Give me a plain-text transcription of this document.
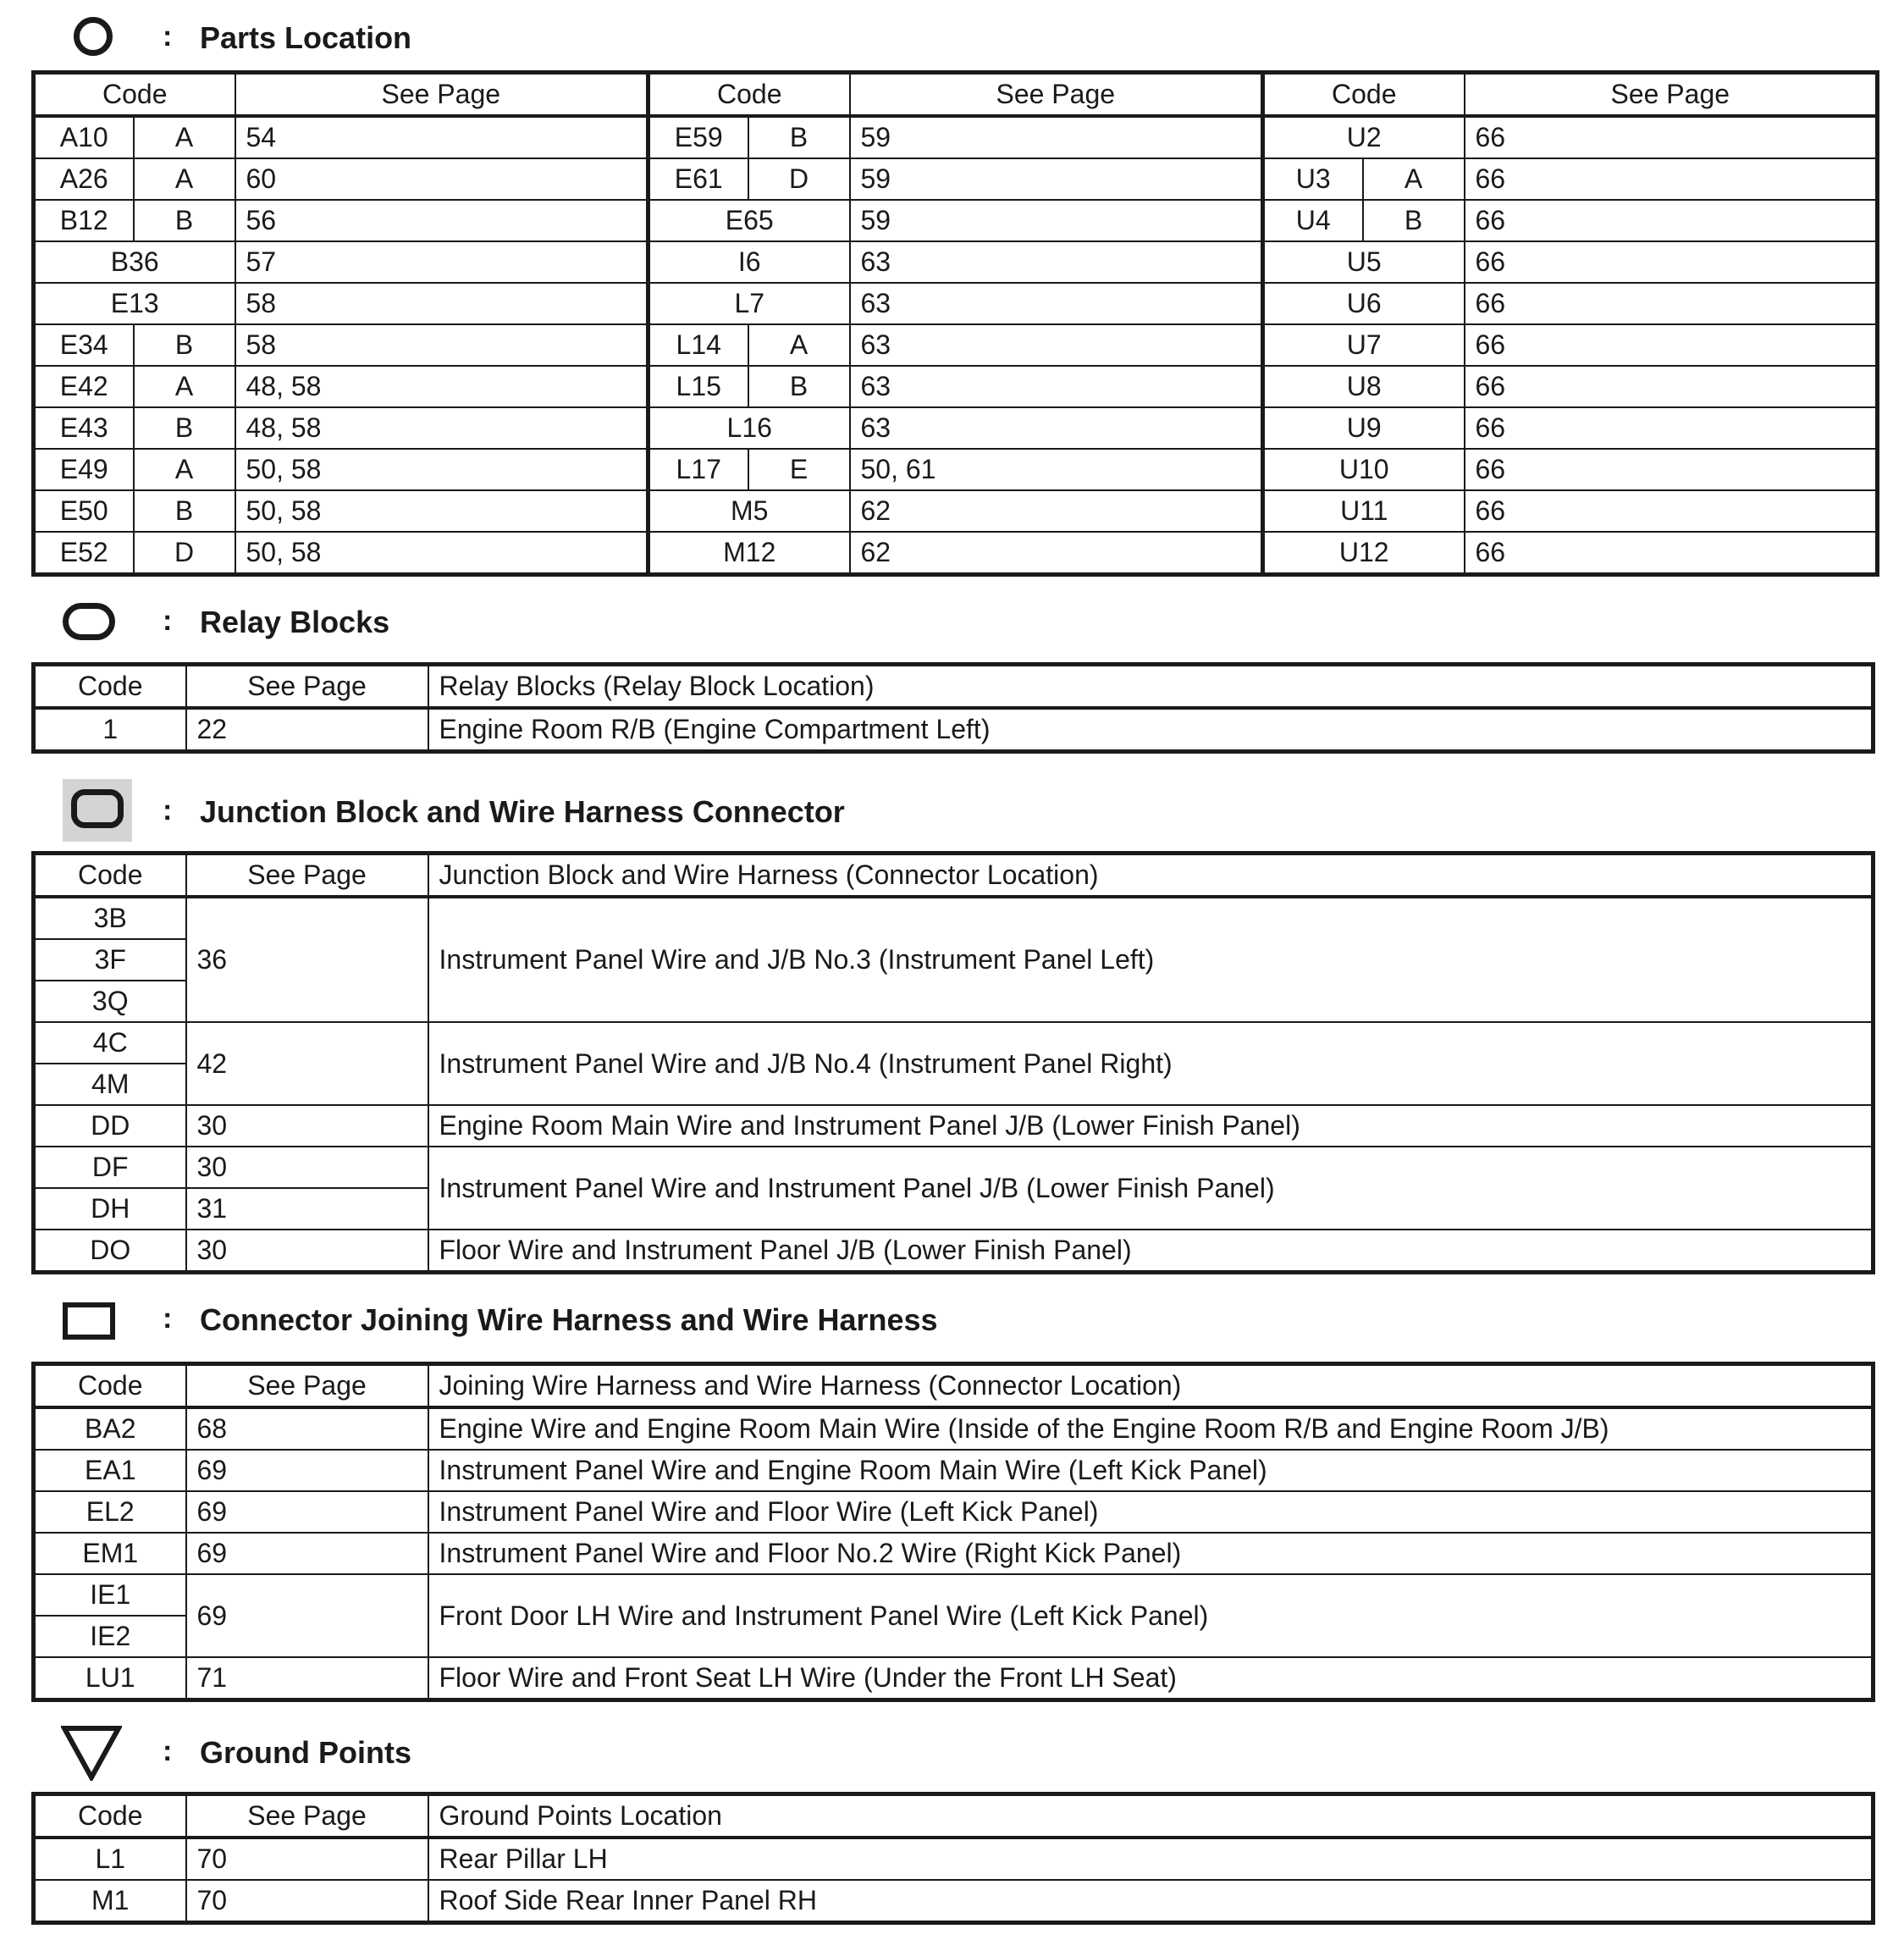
: Parts Location
Code		See Page	Code		See Page	Code		See Page
A10	A	54	E59	B	59	U2		66
A26	A	60	E61	D	59	U3	A	66
B12	B	56	E65		59	U4	B	66
B36		57	I6		63	U5		66
E13		58	L7		63	U6		66
E34	B	58	L14	A	63	U7		66
E42	A	48, 58	L15	B	63	U8		66
E43	B	48, 58	L16		63	U9		66
E49	A	50, 58	L17	E	50, 61	U10		66
E50	B	50, 58	M5		62	U11		66
E52	D	50, 58	M12		62	U12		66
: Relay Blocks
Code	See Page	Relay Blocks (Relay Block Location)
1	22	Engine Room R/B (Engine Compartment Left)
: Junction Block and Wire Harness Connector
Code	See Page	Junction Block and Wire Harness (Connector Location)
3B	36	Instrument Panel Wire and J/B No.3 (Instrument Panel Left)
3F		
3Q		
4C	42	Instrument Panel Wire and J/B No.4 (Instrument Panel Right)
4M		
DD	30	Engine Room Main Wire and Instrument Panel J/B (Lower Finish Panel)
DF	30	Instrument Panel Wire and Instrument Panel J/B (Lower Finish Panel)
DH	31	
DO	30	Floor Wire and Instrument Panel J/B (Lower Finish Panel)
: Connector Joining Wire Harness and Wire Harness
Code	See Page	Joining Wire Harness and Wire Harness (Connector Location)
BA2	68	Engine Wire and Engine Room Main Wire (Inside of the Engine Room R/B and Engine Room J/B)
EA1	69	Instrument Panel Wire and Engine Room Main Wire (Left Kick Panel)
EL2	69	Instrument Panel Wire and Floor Wire (Left Kick Panel)
EM1	69	Instrument Panel Wire and Floor No.2 Wire (Right Kick Panel)
IE1	69	Front Door LH Wire and Instrument Panel Wire (Left Kick Panel)
IE2		
LU1	71	Floor Wire and Front Seat LH Wire (Under the Front LH Seat)
: Ground Points
Code	See Page	Ground Points Location
L1	70	Rear Pillar LH
M1	70	Roof Side Rear Inner Panel RH
